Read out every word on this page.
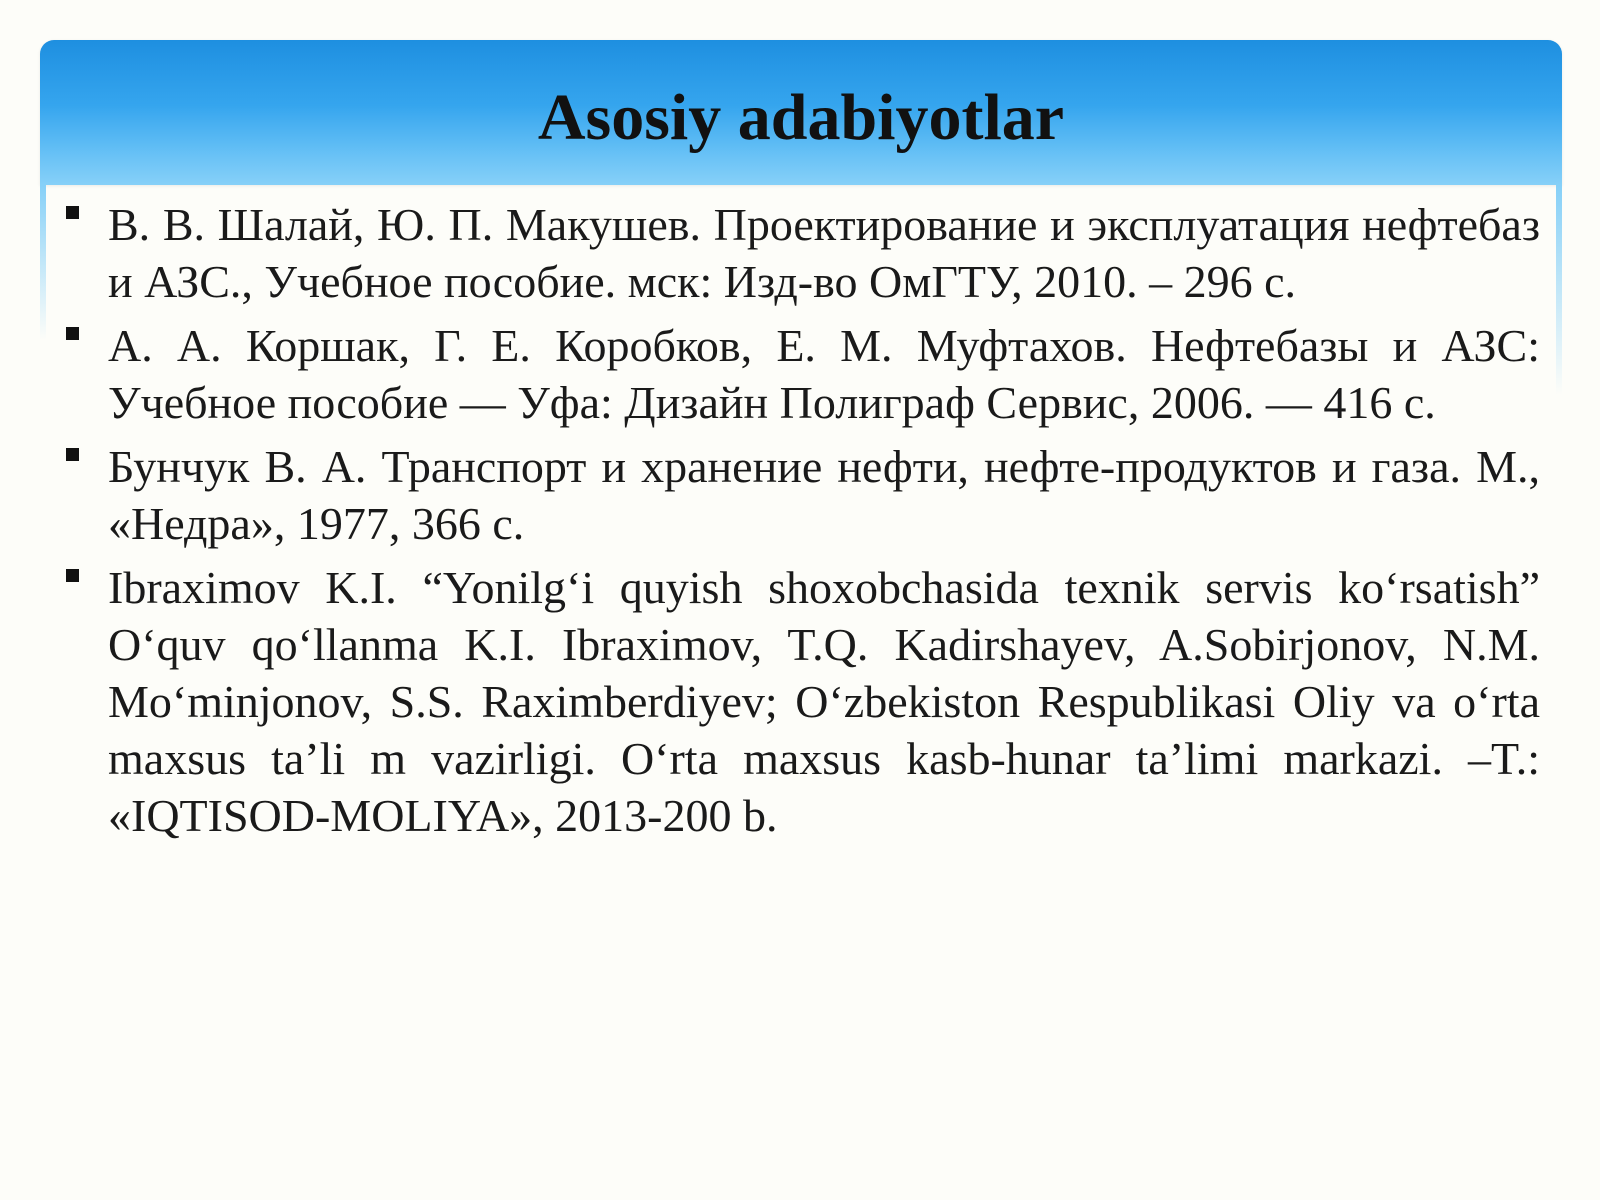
Asosiy adabiyotlar
В. В. Шалай, Ю. П. Макушев. Проектирование и эксплуатация нефтебаз и АЗС., Учебное пособие. мск: Изд-во ОмГТУ, 2010. – 296 с.
А. А. Коршак, Г. Е. Коробков, Е. М. Муфтахов. Нефтебазы и АЗС: Учебное пособие — Уфа: Дизайн Полиграф Сервис, 2006. — 416 с.
Бунчук В. А. Транспорт и хранение нефти, нефте-продуктов и газа. М., «Недра», 1977, 366 с.
Ibraximov K.I. “Yonilg‘i quyish shoxobchasida texnik servis ko‘rsatish” O‘quv qo‘llanma K.I. Ibraximov, T.Q. Kadirshayev, A.Sobirjonov, N.M. Mo‘minjonov, S.S. Raximberdiyev; O‘zbekiston Respublikasi Oliy va o‘rta maxsus ta’li m vazirligi. O‘rta maxsus kasb-hunar ta’limi markazi. –T.: «IQTISOD-MOLIYA», 2013-200 b.
